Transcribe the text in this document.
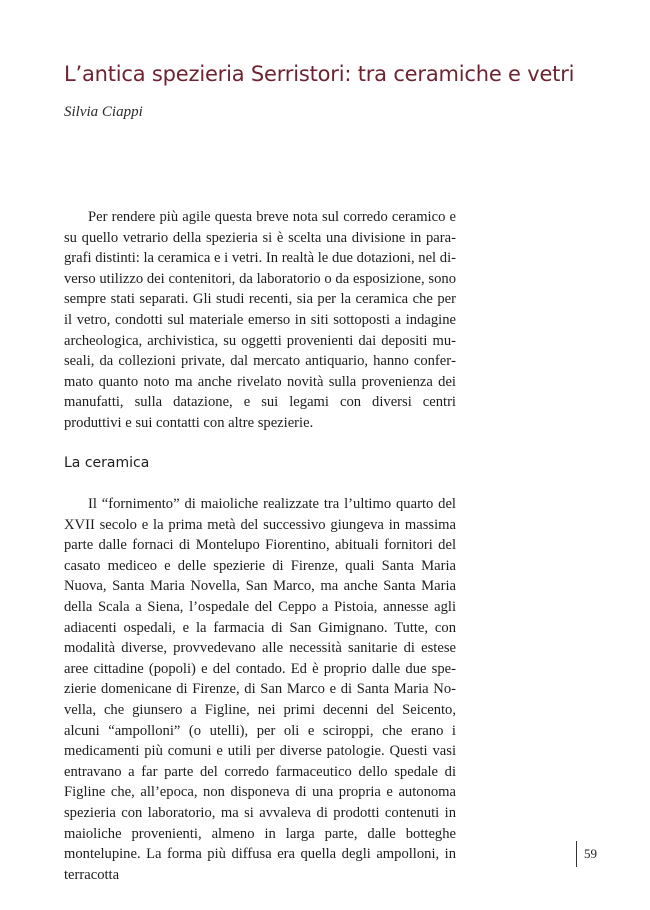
L’antica spezieria Serristori: tra ceramiche e vetri

Silvia Ciappi

Per rendere più agile questa breve nota sul corredo ceramico e su quello vetrario della spezieria si è scelta una divisione in paragrafi distinti: la ceramica e i vetri. In realtà le due dotazioni, nel diverso utilizzo dei contenitori, da laboratorio o da esposizione, sono sempre stati separati. Gli studi recenti, sia per la ceramica che per il vetro, condotti sul materiale emerso in siti sottoposti a indagine archeologica, archivistica, su oggetti provenienti dai depositi museali, da collezioni private, dal mercato antiquario, hanno confermato quanto noto ma anche rivelato novità sulla provenienza dei manufatti, sulla datazione, e sui legami con diversi centri produttivi e sui contatti con altre spezierie.

La ceramica

Il “fornimento” di maioliche realizzate tra l’ultimo quarto del XVII secolo e la prima metà del successivo giungeva in massima parte dalle fornaci di Montelupo Fiorentino, abituali fornitori del casato mediceo e delle spezierie di Firenze, quali Santa Maria Nuova, Santa Maria Novella, San Marco, ma anche Santa Maria della Scala a Siena, l’ospedale del Ceppo a Pistoia, annesse agli adiacenti ospedali, e la farmacia di San Gimignano. Tutte, con modalità diverse, provvedevano alle necessità sanitarie di estese aree cittadine (popoli) e del contado. Ed è proprio dalle due spezierie domenicane di Firenze, di San Marco e di Santa Maria Novella, che giunsero a Figline, nei primi decenni del Seicento, alcuni “ampolloni” (o utelli), per oli e sciroppi, che erano i medicamenti più comuni e utili per diverse patologie. Questi vasi entravano a far parte del corredo farmaceutico dello spedale di Figline che, all’epoca, non disponeva di una propria e autonoma spezieria con laboratorio, ma si avvaleva di prodotti contenuti in maioliche provenienti, almeno in larga parte, dalle botteghe montelupine. La forma più diffusa era quella degli ampolloni, in terracotta

59
